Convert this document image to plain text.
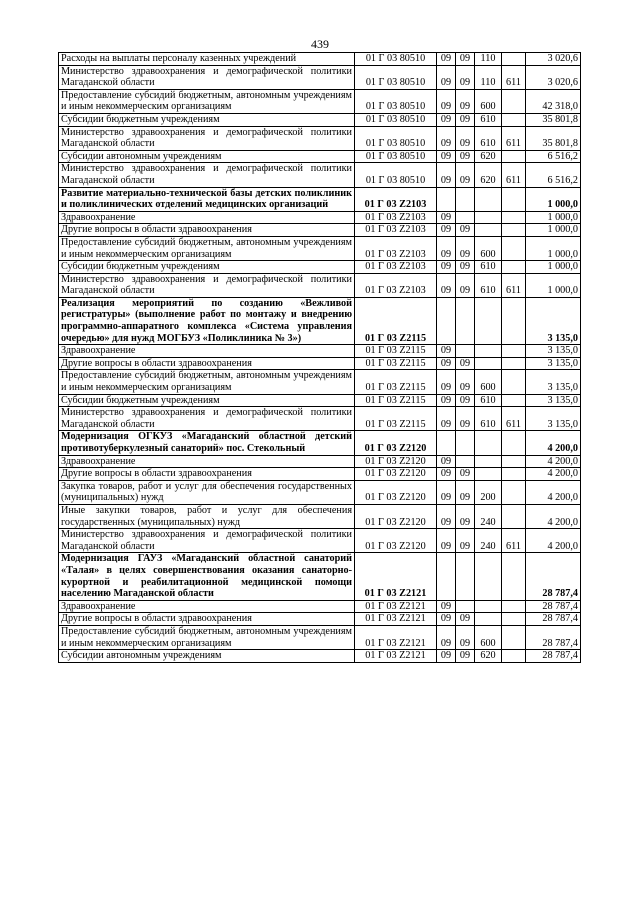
439
Расходы на выплаты персоналу казенных учреждений	01 Г 03 80510	09	09	110		3 020,6
Министерство здравоохранения и демографической политики Магаданской области	01 Г 03 80510	09	09	110	611	3 020,6
Предоставление субсидий бюджетным, автономным учреждениям и иным некоммерческим организациям	01 Г 03 80510	09	09	600		42 318,0
Субсидии бюджетным учреждениям	01 Г 03 80510	09	09	610		35 801,8
Министерство здравоохранения и демографической политики Магаданской области	01 Г 03 80510	09	09	610	611	35 801,8
Субсидии автономным учреждениям	01 Г 03 80510	09	09	620		6 516,2
Министерство здравоохранения и демографической политики Магаданской области	01 Г 03 80510	09	09	620	611	6 516,2
Развитие материально-технической базы детских поликлиник и поликлинических отделений медицинских организаций	01 Г 03 Z2103					1 000,0
Здравоохранение	01 Г 03 Z2103	09				1 000,0
Другие вопросы в области здравоохранения	01 Г 03 Z2103	09	09			1 000,0
Предоставление субсидий бюджетным, автономным учреждениям и иным некоммерческим организациям	01 Г 03 Z2103	09	09	600		1 000,0
Субсидии бюджетным учреждениям	01 Г 03 Z2103	09	09	610		1 000,0
Министерство здравоохранения и демографической политики Магаданской области	01 Г 03 Z2103	09	09	610	611	1 000,0
Реализация мероприятий по созданию «Вежливой регистратуры» (выполнение работ по монтажу и внедрению программно-аппаратного комплекса «Система управления очередью» для нужд МОГБУЗ «Поликлиника № 3»)	01 Г 03 Z2115					3 135,0
Здравоохранение	01 Г 03 Z2115	09				3 135,0
Другие вопросы в области здравоохранения	01 Г 03 Z2115	09	09			3 135,0
Предоставление субсидий бюджетным, автономным учреждениям и иным некоммерческим организациям	01 Г 03 Z2115	09	09	600		3 135,0
Субсидии бюджетным учреждениям	01 Г 03 Z2115	09	09	610		3 135,0
Министерство здравоохранения и демографической политики Магаданской области	01 Г 03 Z2115	09	09	610	611	3 135,0
Модернизация ОГКУЗ «Магаданский областной детский противотуберкулезный санаторий» пос. Стекольный	01 Г 03 Z2120					4 200,0
Здравоохранение	01 Г 03 Z2120	09				4 200,0
Другие вопросы в области здравоохранения	01 Г 03 Z2120	09	09			4 200,0
Закупка товаров, работ и услуг для обеспечения государственных (муниципальных) нужд	01 Г 03 Z2120	09	09	200		4 200,0
Иные закупки товаров, работ и услуг для обеспечения государственных (муниципальных) нужд	01 Г 03 Z2120	09	09	240		4 200,0
Министерство здравоохранения и демографической политики Магаданской области	01 Г 03 Z2120	09	09	240	611	4 200,0
Модернизация ГАУЗ «Магаданский областной санаторий «Талая» в целях совершенствования оказания санаторно-курортной и реабилитационной медицинской помощи населению Магаданской области	01 Г 03 Z2121					28 787,4
Здравоохранение	01 Г 03 Z2121	09				28 787,4
Другие вопросы в области здравоохранения	01 Г 03 Z2121	09	09			28 787,4
Предоставление субсидий бюджетным, автономным учреждениям и иным некоммерческим организациям	01 Г 03 Z2121	09	09	600		28 787,4
Субсидии автономным учреждениям	01 Г 03 Z2121	09	09	620		28 787,4
